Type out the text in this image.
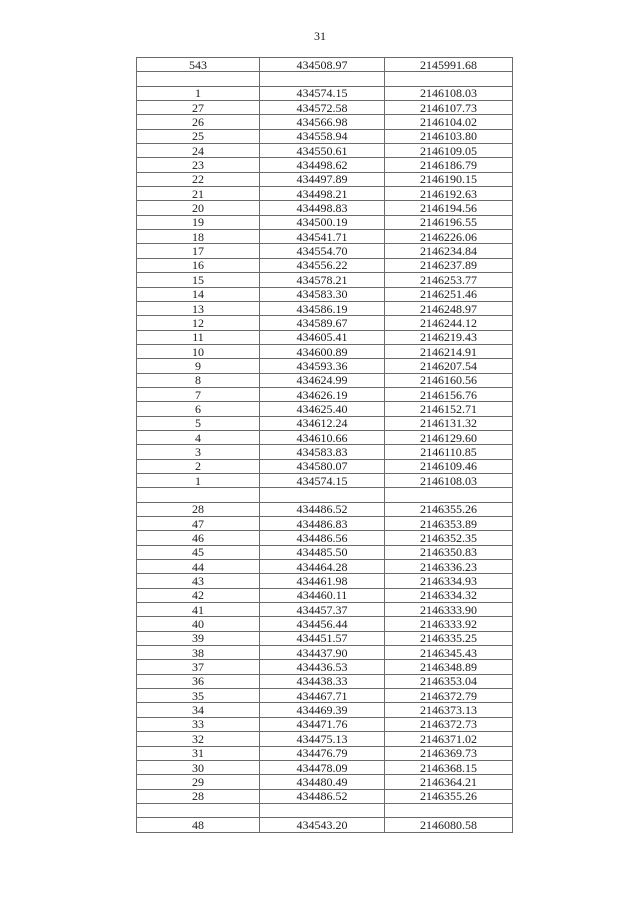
31
543	434508.97	2145991.68

1	434574.15	2146108.03
27	434572.58	2146107.73
26	434566.98	2146104.02
25	434558.94	2146103.80
24	434550.61	2146109.05
23	434498.62	2146186.79
22	434497.89	2146190.15
21	434498.21	2146192.63
20	434498.83	2146194.56
19	434500.19	2146196.55
18	434541.71	2146226.06
17	434554.70	2146234.84
16	434556.22	2146237.89
15	434578.21	2146253.77
14	434583.30	2146251.46
13	434586.19	2146248.97
12	434589.67	2146244.12
11	434605.41	2146219.43
10	434600.89	2146214.91
9	434593.36	2146207.54
8	434624.99	2146160.56
7	434626.19	2146156.76
6	434625.40	2146152.71
5	434612.24	2146131.32
4	434610.66	2146129.60
3	434583.83	2146110.85
2	434580.07	2146109.46
1	434574.15	2146108.03

28	434486.52	2146355.26
47	434486.83	2146353.89
46	434486.56	2146352.35
45	434485.50	2146350.83
44	434464.28	2146336.23
43	434461.98	2146334.93
42	434460.11	2146334.32
41	434457.37	2146333.90
40	434456.44	2146333.92
39	434451.57	2146335.25
38	434437.90	2146345.43
37	434436.53	2146348.89
36	434438.33	2146353.04
35	434467.71	2146372.79
34	434469.39	2146373.13
33	434471.76	2146372.73
32	434475.13	2146371.02
31	434476.79	2146369.73
30	434478.09	2146368.15
29	434480.49	2146364.21
28	434486.52	2146355.26

48	434543.20	2146080.58
